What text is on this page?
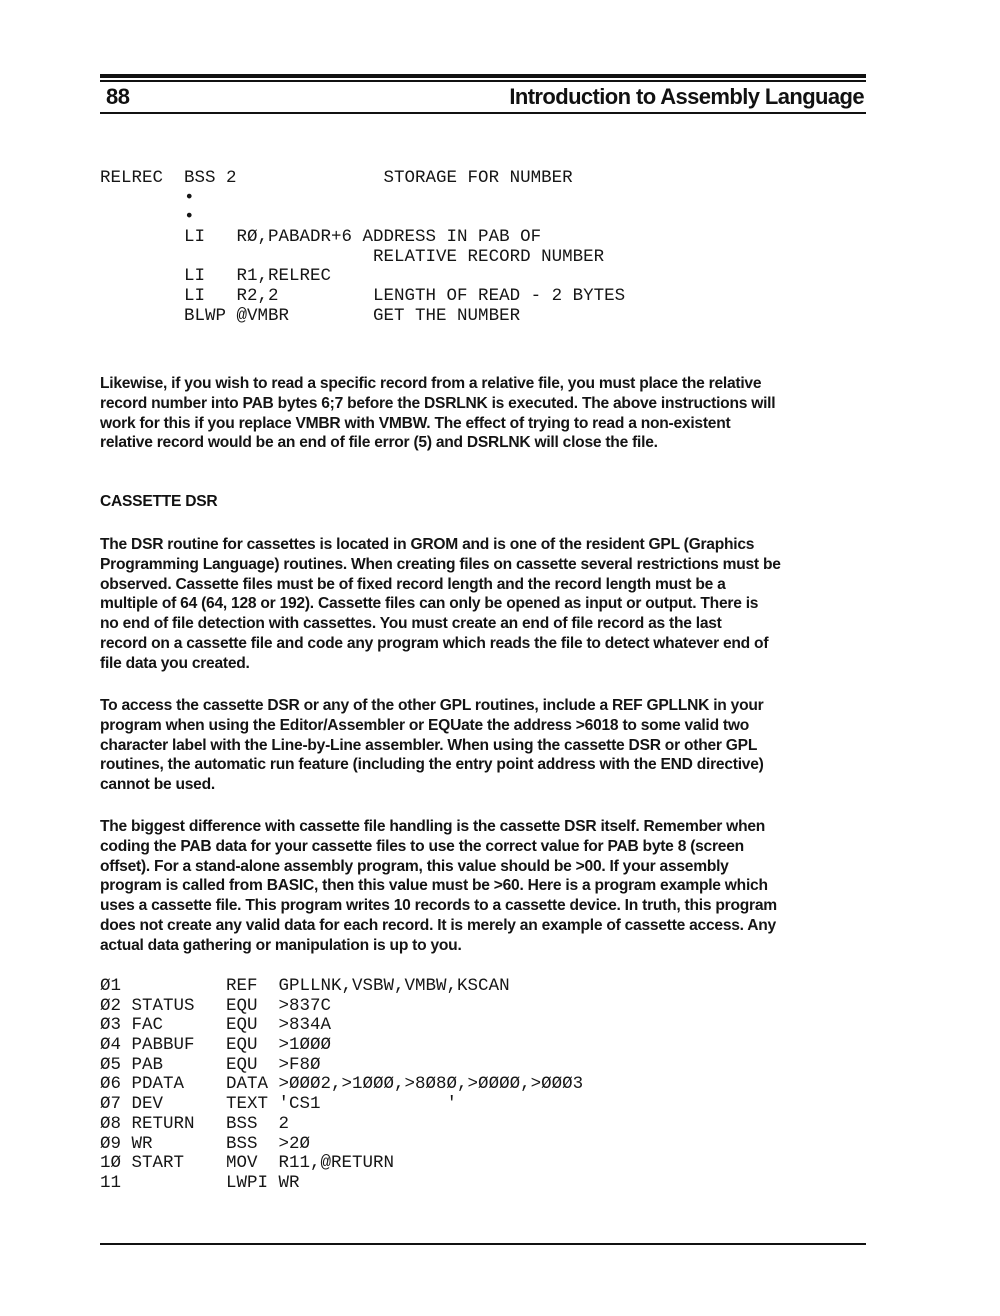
88	Introduction to Assembly Language
RELREC  BSS 2              STORAGE FOR NUMBER
•
•
LI   RØ,PABADR+6 ADDRESS IN PAB OF
RELATIVE RECORD NUMBER
LI   R1,RELREC
LI   R2,2         LENGTH OF READ - 2 BYTES
BLWP @VMBR        GET THE NUMBER

Likewise, if you wish to read a specific record from a relative file, you must place the relative
record number into PAB bytes 6;7 before the DSRLNK is executed. The above instructions will
work for this if you replace VMBR with VMBW. The effect of trying to read a non-existent
relative record would be an end of file error (5) and DSRLNK will close the file.

CASSETTE DSR

The DSR routine for cassettes is located in GROM and is one of the resident GPL (Graphics
Programming Language) routines. When creating files on cassette several restrictions must be
observed. Cassette files must be of fixed record length and the record length must be a
multiple of 64 (64, 128 or 192). Cassette files can only be opened as input or output. There is
no end of file detection with cassettes. You must create an end of file record as the last
record on a cassette file and code any program which reads the file to detect whatever end of
file data you created.

To access the cassette DSR or any of the other GPL routines, include a REF GPLLNK in your
program when using the Editor/Assembler or EQUate the address >6018 to some valid two
character label with the Line-by-Line assembler. When using the cassette DSR or other GPL
routines, the automatic run feature (including the entry point address with the END directive)
cannot be used.

The biggest difference with cassette file handling is the cassette DSR itself. Remember when
coding the PAB data for your cassette files to use the correct value for PAB byte 8 (screen
offset). For a stand-alone assembly program, this value should be >00. If your assembly
program is called from BASIC, then this value must be >60. Here is a program example which
uses a cassette file. This program writes 10 records to a cassette device. In truth, this program
does not create any valid data for each record. It is merely an example of cassette access. Any
actual data gathering or manipulation is up to you.

Ø1          REF  GPLLNK,VSBW,VMBW,KSCAN
Ø2 STATUS   EQU  >837C
Ø3 FAC      EQU  >834A
Ø4 PABBUF   EQU  >1ØØØ
Ø5 PAB      EQU  >F8Ø
Ø6 PDATA    DATA >ØØØ2,>1ØØØ,>8Ø8Ø,>ØØØØ,>ØØØ3
Ø7 DEV      TEXT 'CS1            '
Ø8 RETURN   BSS  2
Ø9 WR       BSS  >2Ø
1Ø START    MOV  R11,@RETURN
11          LWPI WR
